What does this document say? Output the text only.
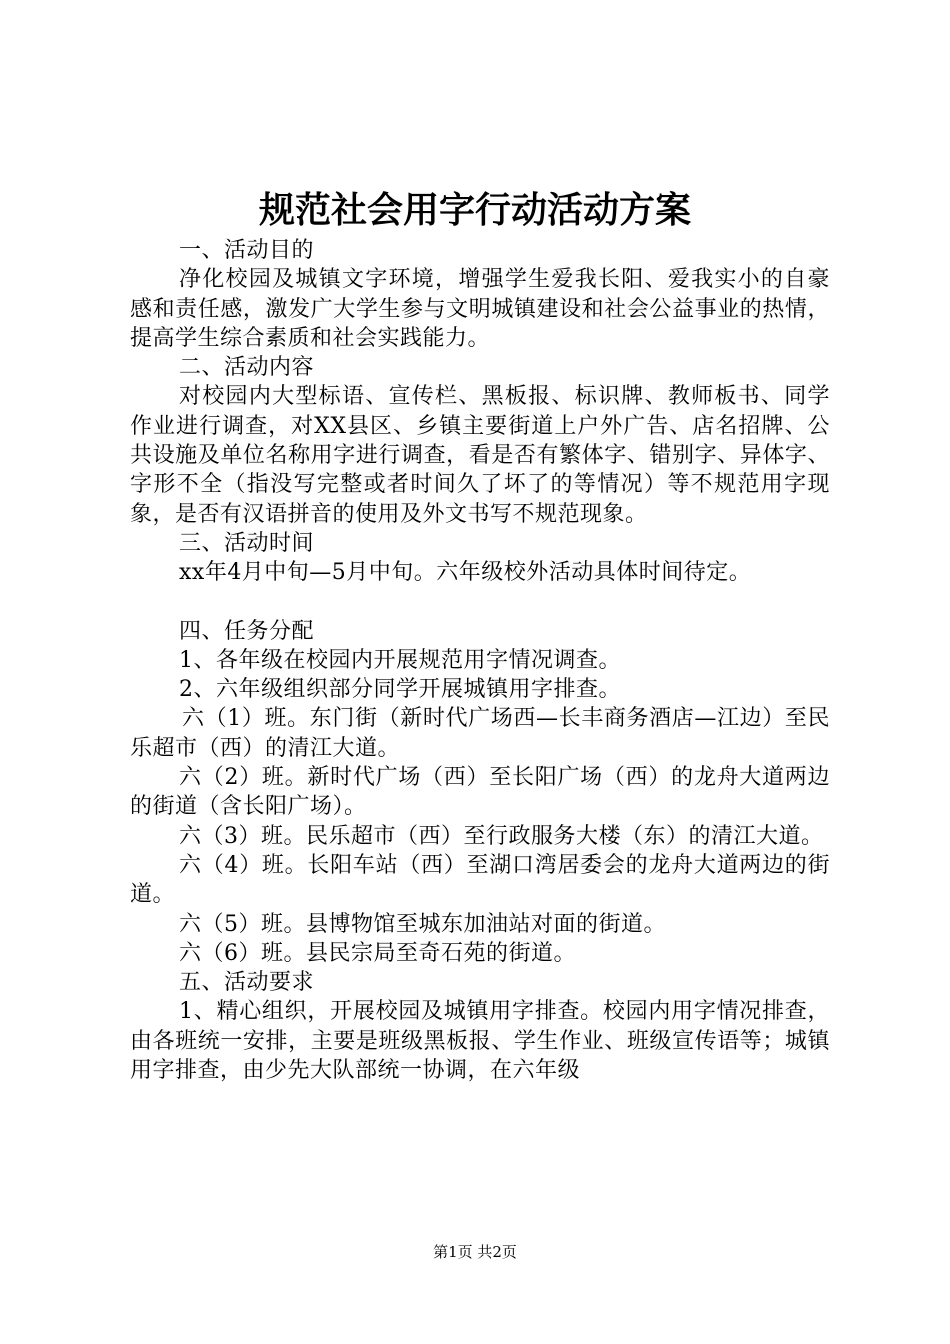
规范社会用字行动活动方案

一、活动目的

净化校园及城镇文字环境，增强学生爱我长阳、爱我实小的自豪感和责任感，激发广大学生参与文明城镇建设和社会公益事业的热情，提高学生综合素质和社会实践能力。

二、活动内容

对校园内大型标语、宣传栏、黑板报、标识牌、教师板书、同学作业进行调查，对XX县区、乡镇主要街道上户外广告、店名招牌、公共设施及单位名称用字进行调查，看是否有繁体字、错别字、异体字、字形不全（指没写完整或者时间久了坏了的等情况）等不规范用字现象，是否有汉语拼音的使用及外文书写不规范现象。

三、活动时间

xx年4月中旬—5月中旬。六年级校外活动具体时间待定。

四、任务分配

1、各年级在校园内开展规范用字情况调查。

2、六年级组织部分同学开展城镇用字排查。

六（1）班。东门街（新时代广场西—长丰商务酒店—江边）至民乐超市（西）的清江大道。

六（2）班。新时代广场（西）至长阳广场（西）的龙舟大道两边的街道（含长阳广场）。

六（3）班。民乐超市（西）至行政服务大楼（东）的清江大道。

六（4）班。长阳车站（西）至湖口湾居委会的龙舟大道两边的街道。

六（5）班。县博物馆至城东加油站对面的街道。

六（6）班。县民宗局至奇石苑的街道。

五、活动要求

1、精心组织，开展校园及城镇用字排查。校园内用字情况排查，由各班统一安排，主要是班级黑板报、学生作业、班级宣传语等；城镇用字排查，由少先大队部统一协调，在六年级

第1页 共2页
